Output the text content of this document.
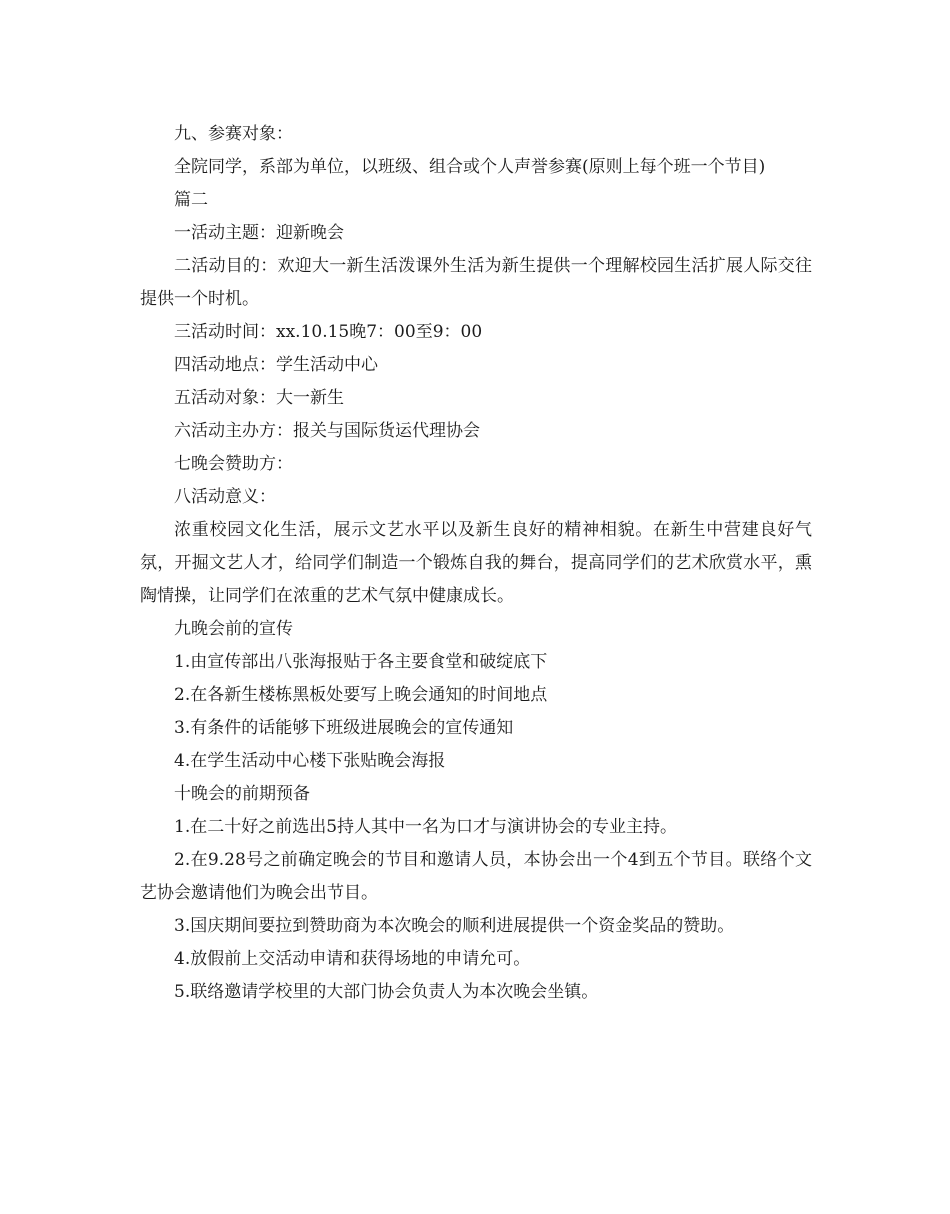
九、参赛对象：

全院同学，系部为单位，以班级、组合或个人声誉参赛(原则上每个班一个节目)

篇二

一活动主题：迎新晚会

二活动目的：欢迎大一新生活泼课外生活为新生提供一个理解校园生活扩展人际交往提供一个时机。

三活动时间：xx.10.15晚7：00至9：00

四活动地点：学生活动中心

五活动对象：大一新生

六活动主办方：报关与国际货运代理协会

七晚会赞助方：

八活动意义：

浓重校园文化生活，展示文艺水平以及新生良好的精神相貌。在新生中营建良好气氛，开掘文艺人才，给同学们制造一个锻炼自我的舞台，提高同学们的艺术欣赏水平，熏陶情操，让同学们在浓重的艺术气氛中健康成长。

九晚会前的宣传

1.由宣传部出八张海报贴于各主要食堂和破绽底下

2.在各新生楼栋黑板处要写上晚会通知的时间地点

3.有条件的话能够下班级进展晚会的宣传通知

4.在学生活动中心楼下张贴晚会海报

十晚会的前期预备

1.在二十好之前选出5持人其中一名为口才与演讲协会的专业主持。

2.在9.28号之前确定晚会的节目和邀请人员，本协会出一个4到五个节目。联络个文艺协会邀请他们为晚会出节目。

3.国庆期间要拉到赞助商为本次晚会的顺利进展提供一个资金奖品的赞助。

4.放假前上交活动申请和获得场地的申请允可。

5.联络邀请学校里的大部门协会负责人为本次晚会坐镇。
